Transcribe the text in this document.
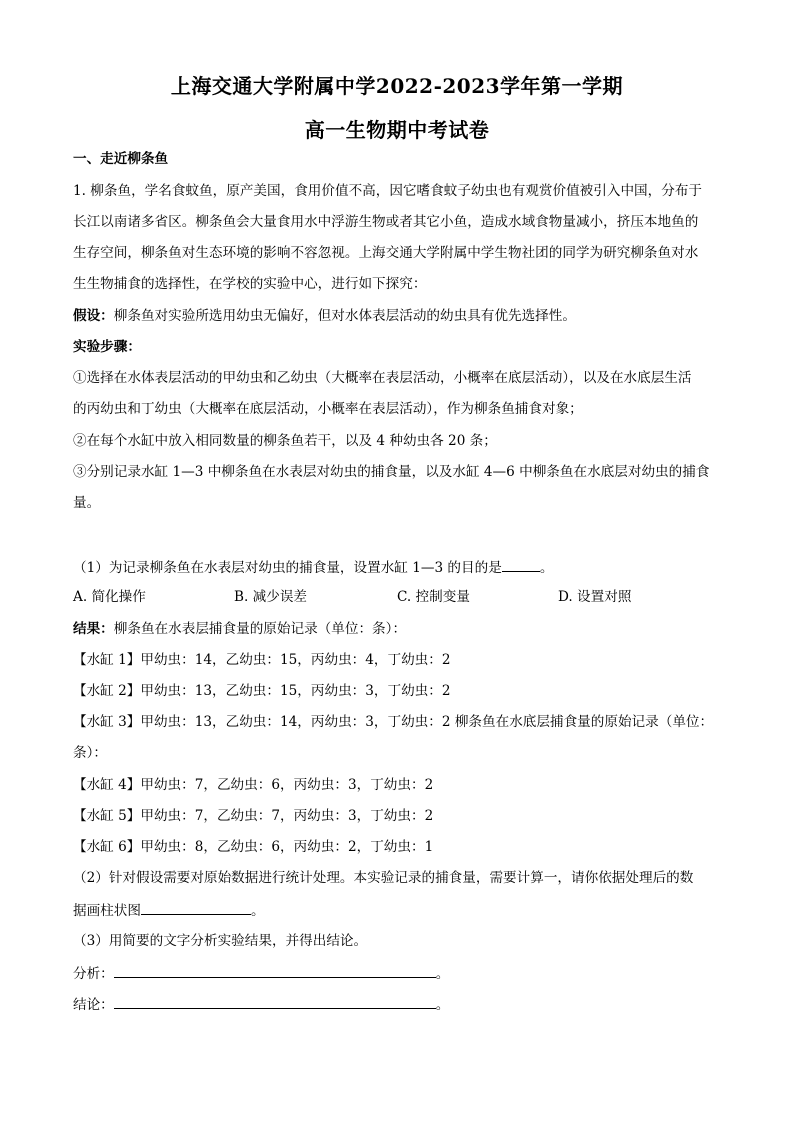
上海交通大学附属中学2022-2023学年第一学期
高一生物期中考试卷
一、走近柳条鱼
1. 柳条鱼，学名食蚊鱼，原产美国，食用价值不高，因它嗜食蚊子幼虫也有观赏价值被引入中国，分布于
长江以南诸多省区。柳条鱼会大量食用水中浮游生物或者其它小鱼，造成水域食物量减小，挤压本地鱼的
生存空间，柳条鱼对生态环境的影响不容忽视。上海交通大学附属中学生物社团的同学为研究柳条鱼对水
生生物捕食的选择性，在学校的实验中心，进行如下探究：
假设：柳条鱼对实验所选用幼虫无偏好，但对水体表层活动的幼虫具有优先选择性。
实验步骤：
①选择在水体表层活动的甲幼虫和乙幼虫（大概率在表层活动，小概率在底层活动），以及在水底层生活
的丙幼虫和丁幼虫（大概率在底层活动，小概率在表层活动），作为柳条鱼捕食对象；
②在每个水缸中放入相同数量的柳条鱼若干，以及 4 种幼虫各 20 条；
③分别记录水缸 1—3 中柳条鱼在水表层对幼虫的捕食量，以及水缸 4—6 中柳条鱼在水底层对幼虫的捕食
量。
（1）为记录柳条鱼在水表层对幼虫的捕食量，设置水缸 1—3 的目的是	。
A. 简化操作	B. 减少误差	C. 控制变量	D. 设置对照
结果：柳条鱼在水表层捕食量的原始记录（单位：条）：
【水缸 1】甲幼虫：14，乙幼虫：15，丙幼虫：4，丁幼虫：2
【水缸 2】甲幼虫：13，乙幼虫：15，丙幼虫：3，丁幼虫：2
【水缸 3】甲幼虫：13，乙幼虫：14，丙幼虫：3，丁幼虫：2 柳条鱼在水底层捕食量的原始记录（单位：
条）：
【水缸 4】甲幼虫：7，乙幼虫：6，丙幼虫：3，丁幼虫：2
【水缸 5】甲幼虫：7，乙幼虫：7，丙幼虫：3，丁幼虫：2
【水缸 6】甲幼虫：8，乙幼虫：6，丙幼虫：2，丁幼虫：1
（2）针对假设需要对原始数据进行统计处理。本实验记录的捕食量，需要计算一，请你依据处理后的数
据画柱状图	。
（3）用简要的文字分析实验结果，并得出结论。
分析：	。
结论：	。
